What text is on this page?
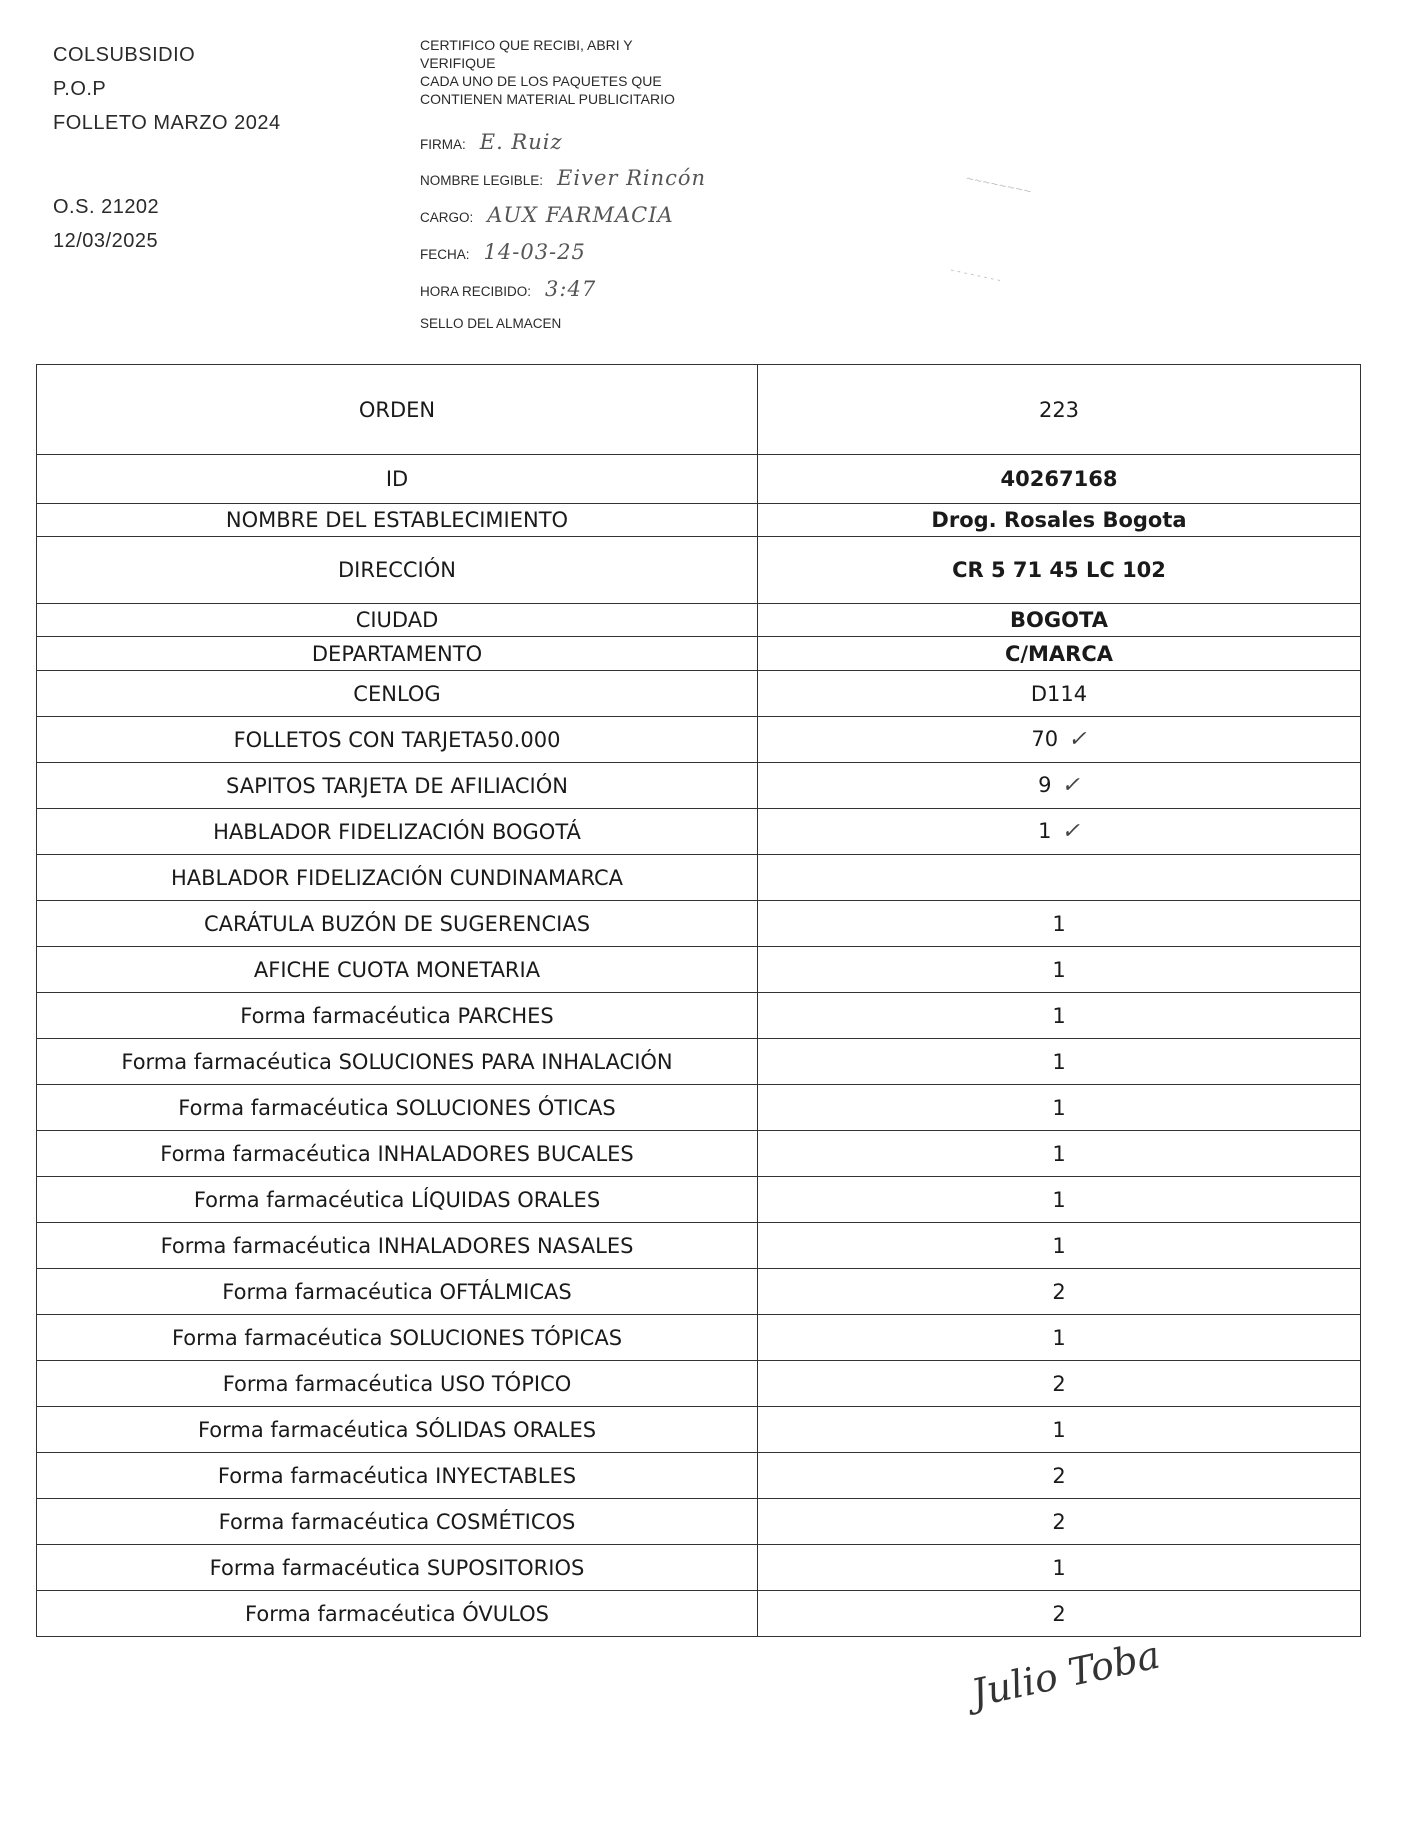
COLSUBSIDIO
P.O.P
FOLLETO MARZO 2024
O.S. 21202
12/03/2025
CERTIFICO QUE RECIBI, ABRI Y
VERIFIQUE
CADA UNO DE LOS PAQUETES QUE
CONTIENEN MATERIAL PUBLICITARIO
FIRMA: E. Ruiz
NOMBRE LEGIBLE: Eiver Rincón
CARGO: AUX FARMACIA
FECHA: 14-03-25
HORA RECIBIDO: 3:47
SELLO DEL ALMACEN
~~~~~~~~
- - - - - - - -
ORDEN	223
ID	40267168
NOMBRE DEL ESTABLECIMIENTO	Drog. Rosales Bogota
DIRECCIÓN	CR 5 71 45 LC 102
CIUDAD	BOGOTA
DEPARTAMENTO	C/MARCA
CENLOG	D114
FOLLETOS CON TARJETA50.000	70 ✓
SAPITOS TARJETA DE AFILIACIÓN	9 ✓
HABLADOR FIDELIZACIÓN BOGOTÁ	1 ✓
HABLADOR FIDELIZACIÓN CUNDINAMARCA	
CARÁTULA BUZÓN DE SUGERENCIAS	1
AFICHE CUOTA MONETARIA	1
Forma farmacéutica PARCHES	1
Forma farmacéutica SOLUCIONES PARA INHALACIÓN	1
Forma farmacéutica SOLUCIONES ÓTICAS	1
Forma farmacéutica INHALADORES BUCALES	1
Forma farmacéutica LÍQUIDAS ORALES	1
Forma farmacéutica INHALADORES NASALES	1
Forma farmacéutica OFTÁLMICAS	2
Forma farmacéutica SOLUCIONES TÓPICAS	1
Forma farmacéutica USO TÓPICO	2
Forma farmacéutica SÓLIDAS ORALES	1
Forma farmacéutica INYECTABLES	2
Forma farmacéutica COSMÉTICOS	2
Forma farmacéutica SUPOSITORIOS	1
Forma farmacéutica ÓVULOS	2
Julio Toba
